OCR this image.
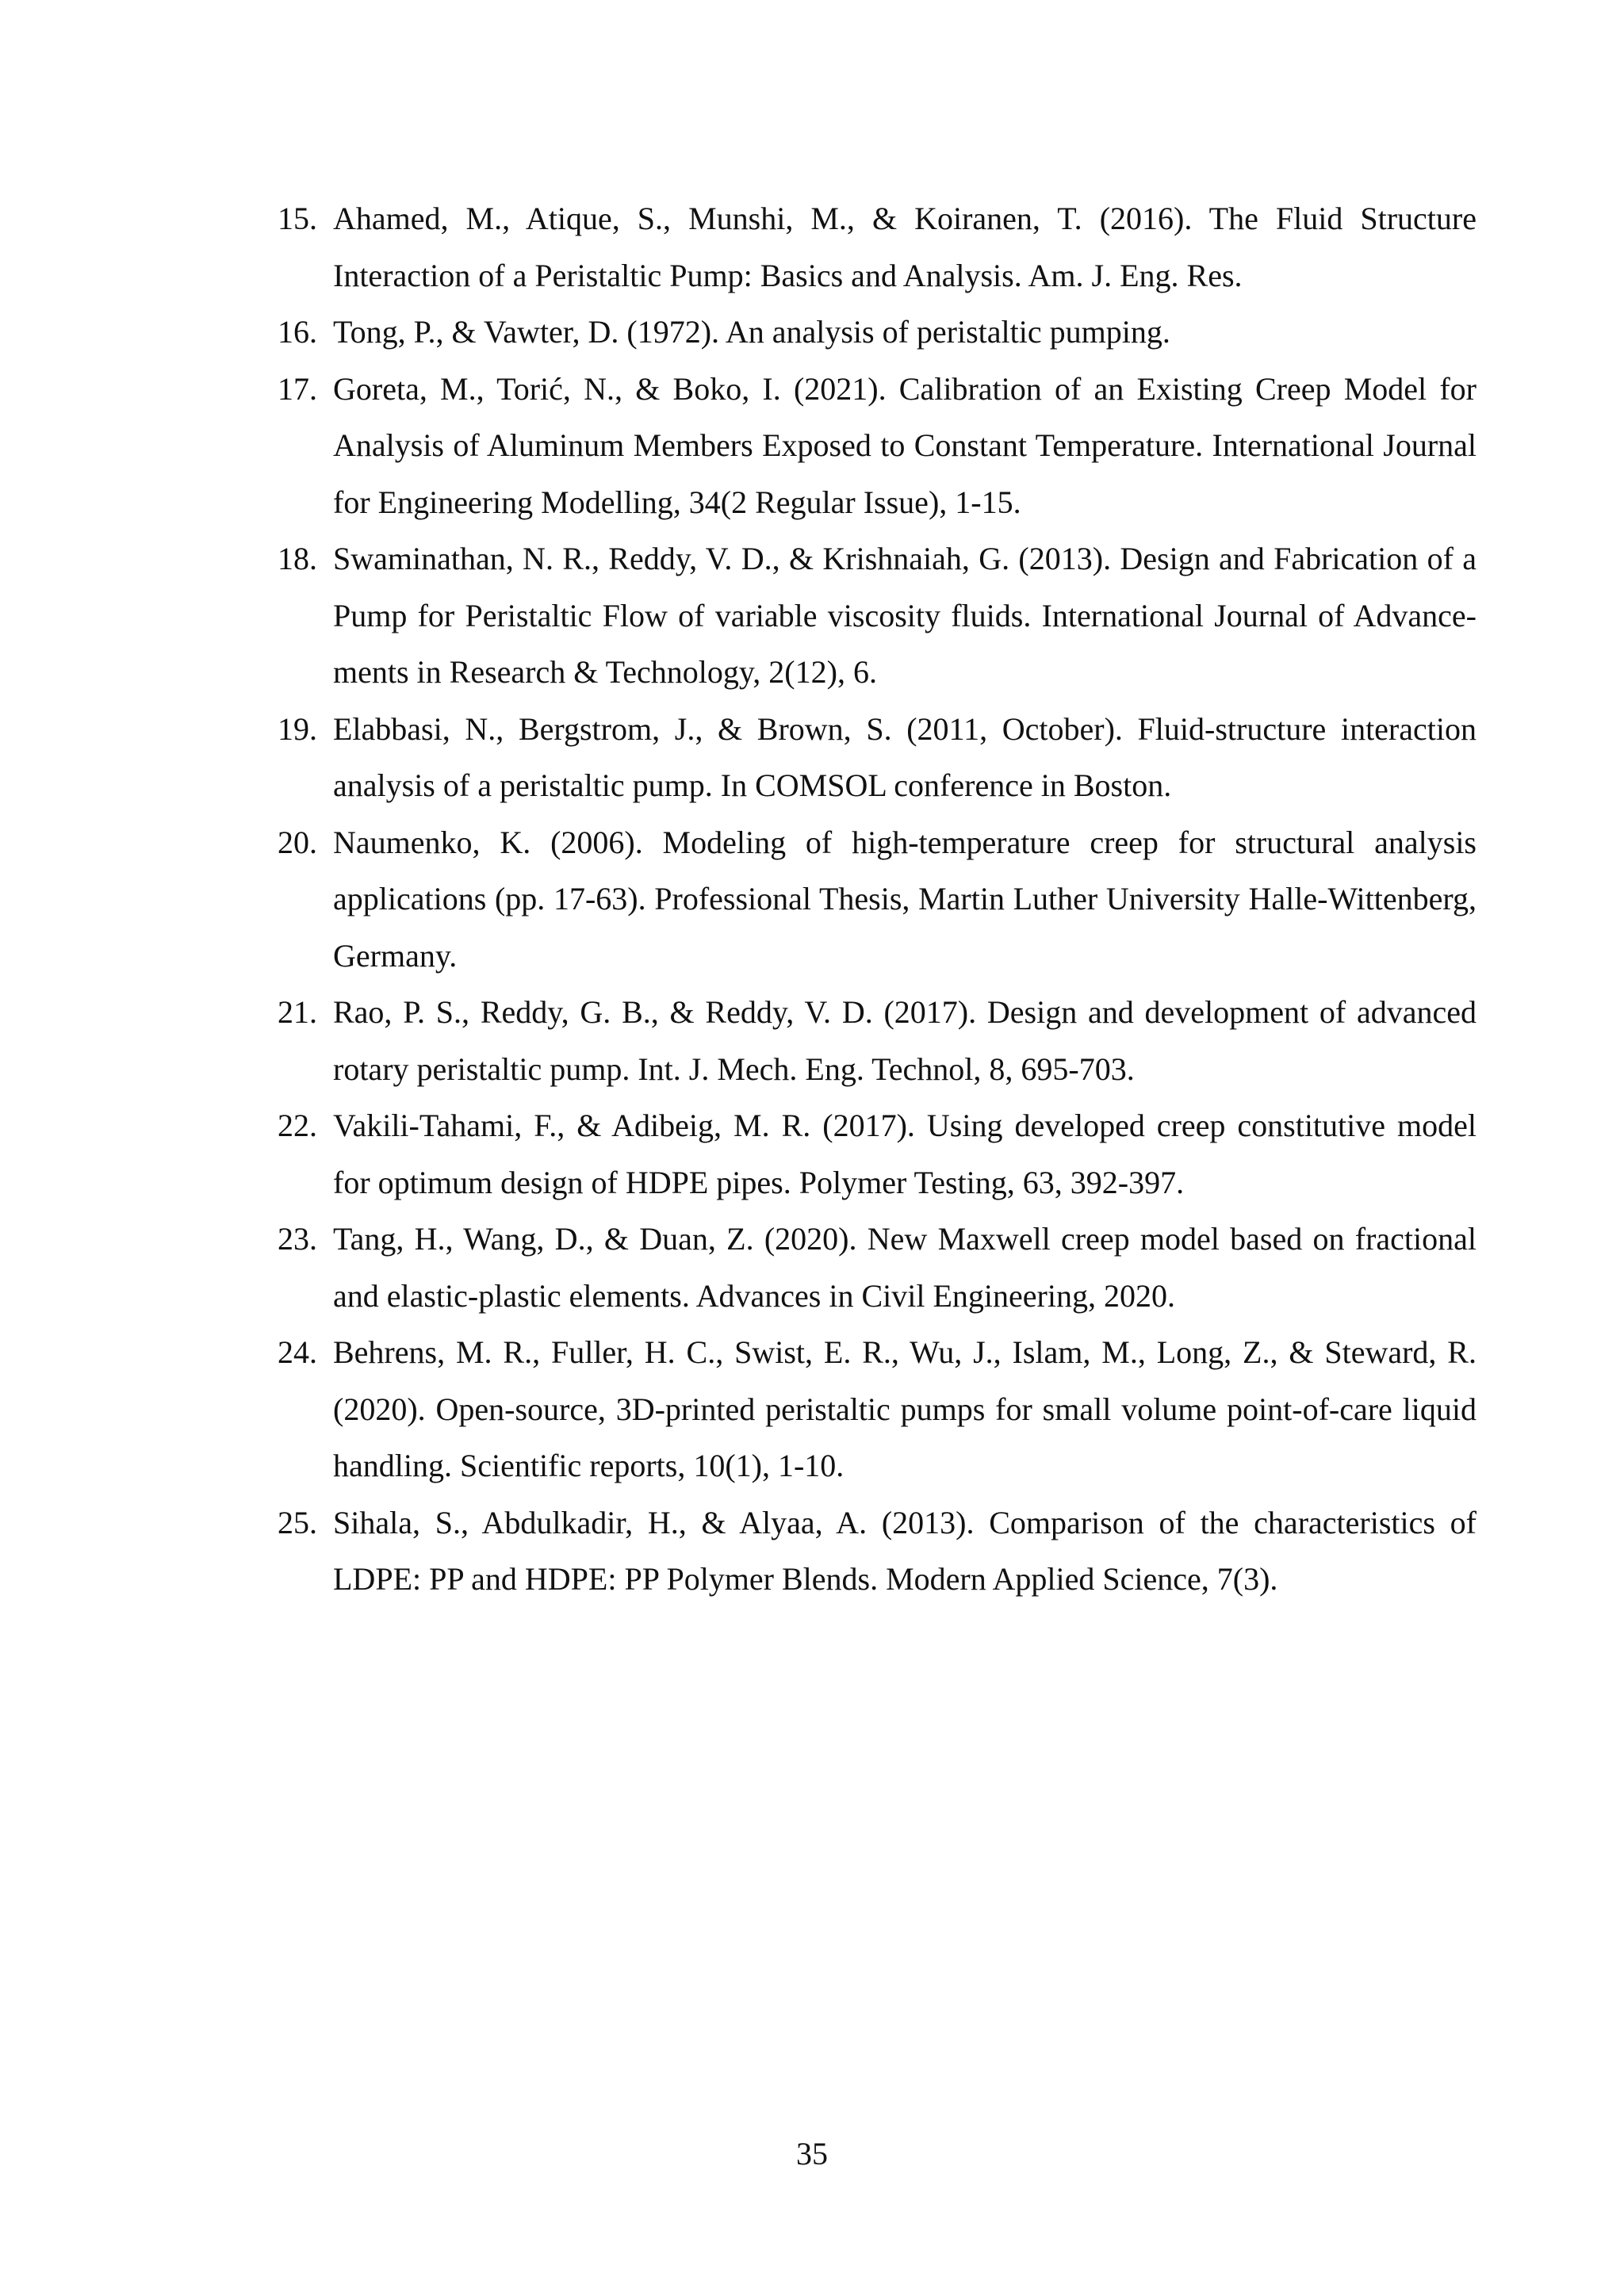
15. Ahamed, M., Atique, S., Munshi, M., & Koiranen, T. (2016). The Fluid Structure Interaction of a Peristaltic Pump: Basics and Analysis. Am. J. Eng. Res.
16. Tong, P., & Vawter, D. (1972). An analysis of peristaltic pumping.
17. Goreta, M., Torić, N., & Boko, I. (2021). Calibration of an Existing Creep Model for Analysis of Aluminum Members Exposed to Constant Temperature. International Journal for Engineering Modelling, 34(2 Regular Issue), 1-15.
18. Swaminathan, N. R., Reddy, V. D., & Krishnaiah, G. (2013). Design and Fabrication of a Pump for Peristaltic Flow of variable viscosity fluids. International Journal of Advance-ments in Research & Technology, 2(12), 6.
19. Elabbasi, N., Bergstrom, J., & Brown, S. (2011, October). Fluid-structure interaction analysis of a peristaltic pump. In COMSOL conference in Boston.
20. Naumenko, K. (2006). Modeling of high-temperature creep for structural analysis applications (pp. 17-63). Professional Thesis, Martin Luther University Halle-Wittenberg, Germany.
21. Rao, P. S., Reddy, G. B., & Reddy, V. D. (2017). Design and development of advanced rotary peristaltic pump. Int. J. Mech. Eng. Technol, 8, 695-703.
22. Vakili-Tahami, F., & Adibeig, M. R. (2017). Using developed creep constitutive model for optimum design of HDPE pipes. Polymer Testing, 63, 392-397.
23. Tang, H., Wang, D., & Duan, Z. (2020). New Maxwell creep model based on fractional and elastic-plastic elements. Advances in Civil Engineering, 2020.
24. Behrens, M. R., Fuller, H. C., Swist, E. R., Wu, J., Islam, M., Long, Z., & Steward, R. (2020). Open-source, 3D-printed peristaltic pumps for small volume point-of-care liquid handling. Scientific reports, 10(1), 1-10.
25. Sihala, S., Abdulkadir, H., & Alyaa, A. (2013). Comparison of the characteristics of LDPE: PP and HDPE: PP Polymer Blends. Modern Applied Science, 7(3).
35
